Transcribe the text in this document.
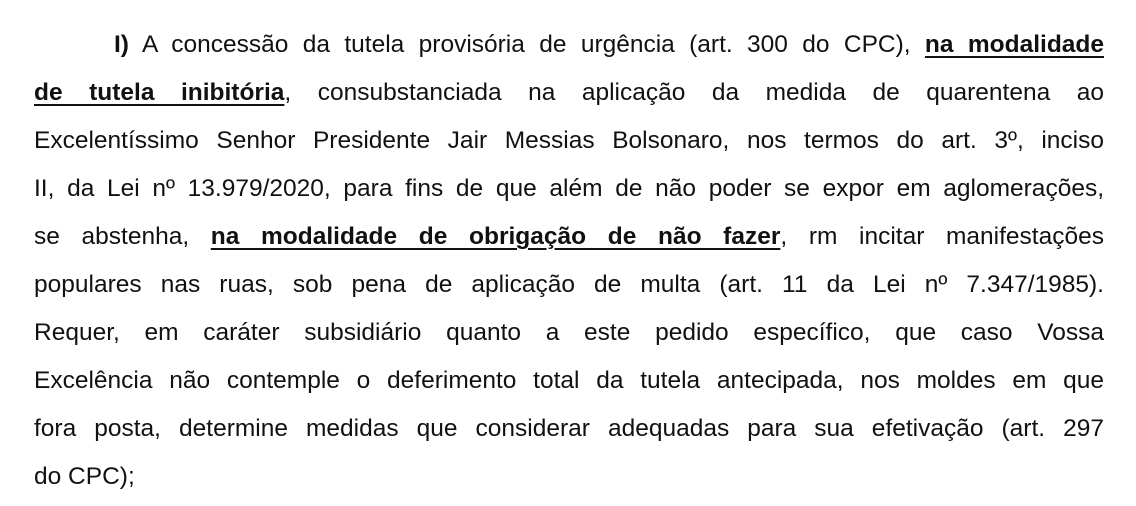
I) A concessão da tutela provisória de urgência (art. 300 do CPC), na modalidade
de tutela inibitória, consubstanciada na aplicação da medida de quarentena ao
Excelentíssimo Senhor Presidente Jair Messias Bolsonaro, nos termos do art. 3º, inciso
II, da Lei nº 13.979/2020, para fins de que além de não poder se expor em aglomerações,
se abstenha, na modalidade de obrigação de não fazer, rm incitar manifestações
populares nas ruas, sob pena de aplicação de multa (art. 11 da Lei nº 7.347/1985).
Requer, em caráter subsidiário quanto a este pedido específico, que caso Vossa
Excelência não contemple o deferimento total da tutela antecipada, nos moldes em que
fora posta, determine medidas que considerar adequadas para sua efetivação (art. 297
do CPC);
